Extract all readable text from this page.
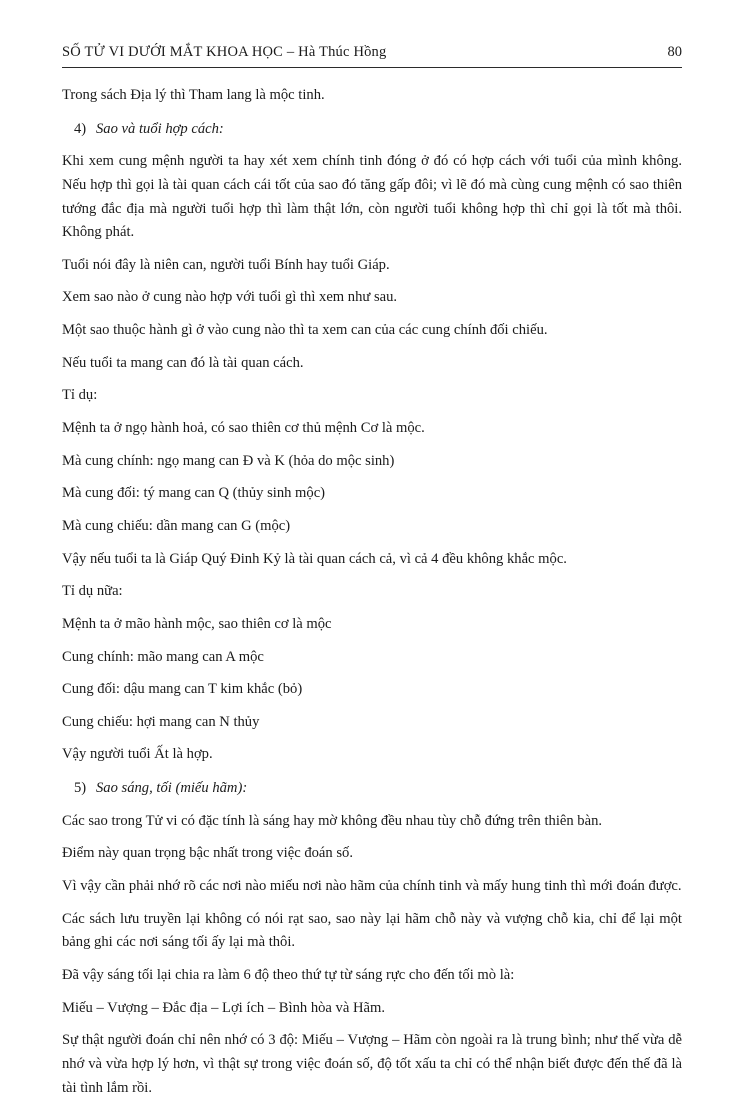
SỐ TỬ VI DƯỚI MẮT KHOA HỌC – Hà Thúc Hồng	80

Trong sách Địa lý thì Tham lang là mộc tinh.

4) Sao và tuổi hợp cách:

Khi xem cung mệnh người ta hay xét xem chính tinh đóng ở đó có hợp cách với tuổi của mình không. Nếu hợp thì gọi là tài quan cách cái tốt của sao đó tăng gấp đôi; vì lẽ đó mà cùng cung mệnh có sao thiên tướng đắc địa mà người tuổi hợp thì làm thật lớn, còn người tuổi không hợp thì chỉ gọi là tốt mà thôi. Không phát.

Tuổi nói đây là niên can, người tuổi Bính hay tuổi Giáp.

Xem sao nào ở cung nào hợp với tuổi gì thì xem như sau.

Một sao thuộc hành gì ở vào cung nào thì ta xem can của các cung chính đối chiếu.

Nếu tuổi ta mang can đó là tài quan cách.

Tỉ dụ:

Mệnh ta ở ngọ hành hoả, có sao thiên cơ thủ mệnh Cơ là mộc.

Mà cung chính: ngọ mang can Đ và K (hỏa do mộc sinh)

Mà cung đối: tý mang can Q (thủy sinh mộc)

Mà cung chiếu: dần mang can G (mộc)

Vậy nếu tuổi ta là Giáp Quý Đinh Kỷ là tài quan cách cả, vì cả 4 đều không khắc mộc.

Tỉ dụ nữa:

Mệnh ta ở mão hành mộc, sao thiên cơ là mộc

Cung chính: mão mang can A mộc

Cung đối: dậu mang can T kim khắc (bỏ)

Cung chiếu: hợi mang can N thủy

Vậy người tuổi Ất là hợp.

5) Sao sáng, tối (miếu hãm):

Các sao trong Tử vi có đặc tính là sáng hay mờ không đều nhau tùy chỗ đứng trên thiên bàn.

Điểm này quan trọng bậc nhất trong việc đoán số.

Vì vậy cần phải nhớ rõ các nơi nào miếu nơi nào hãm của chính tinh và mấy hung tinh thì mới đoán được.

Các sách lưu truyền lại không có nói rạt sao, sao này lại hãm chỗ này và vượng chỗ kia, chỉ để lại một bảng ghi các nơi sáng tối ấy lại mà thôi.

Đã vậy sáng tối lại chia ra làm 6 độ theo thứ tự từ sáng rực cho đến tối mò là:

Miếu – Vượng – Đắc địa – Lợi ích – Bình hòa và Hãm.

Sự thật người đoán chỉ nên nhớ có 3 độ: Miếu – Vượng – Hãm còn ngoài ra là trung bình; như thế vừa dễ nhớ và vừa hợp lý hơn, vì thật sự trong việc đoán số, độ tốt xấu ta chỉ có thể nhận biết được đến thế đã là tài tình lắm rồi.
